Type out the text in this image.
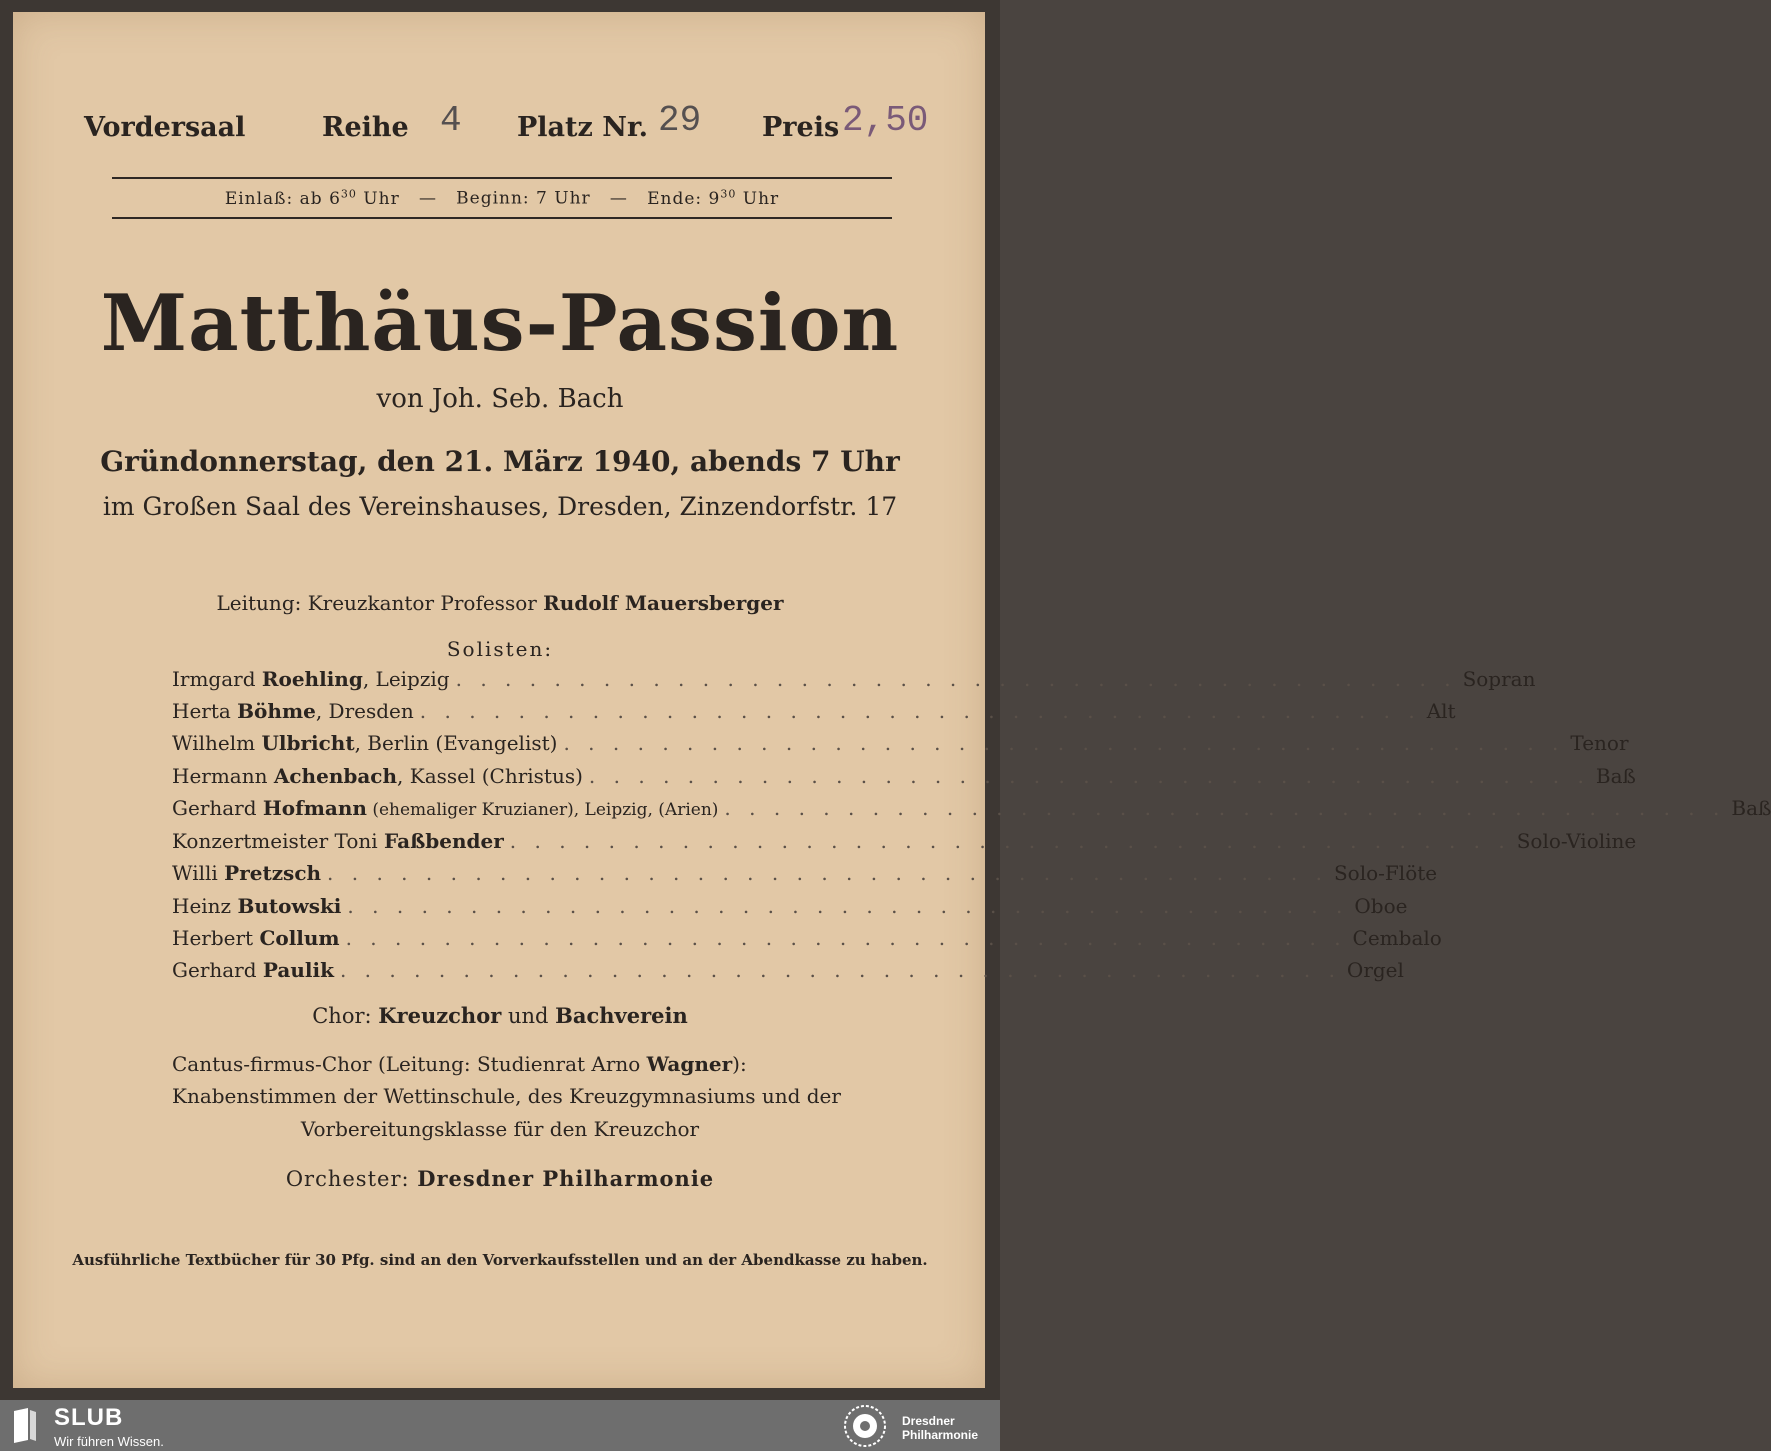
Vordersaal	Reihe 4 Platz Nr. 29 Preis 2,50
Einlaß: ab $6^{30}$ Uhr — Beginn: 7 Uhr — Ende: $9^{30}$ Uhr
Matthäus-Passion
von Joh. Seb. Bach
Gründonnerstag, den 21. März 1940, abends 7 Uhr
im Großen Saal des Vereinshauses, Dresden, Zinzendorfstr. 17
Leitung: Kreuzkantor Professor Rudolf Mauersberger
Solisten:
Irmgard Roehling, Leipzig . . . . . . . . . . . . . . . . . . . . . . . . . . . . . . . . . . . . . . . . . Sopran
Herta Böhme, Dresden . . . . . . . . . . . . . . . . . . . . . . . . . . . . . . . . . . . . . . . . . Alt
Wilhelm Ulbricht, Berlin (Evangelist) . . . . . . . . . . . . . . . . . . . . . . . . . . . . . . . . . . . . . . . . . Tenor
Hermann Achenbach, Kassel (Christus) . . . . . . . . . . . . . . . . . . . . . . . . . . . . . . . . . . . . . . . . . Baß
Gerhard Hofmann (ehemaliger Kruzianer), Leipzig, (Arien) . . . . . . . . . . . . . . . . . . . . . . . . . . . . . . . . . . . . . . . . . Baß
Konzertmeister Toni Faßbender . . . . . . . . . . . . . . . . . . . . . . . . . . . . . . . . . . . . . . . . . Solo-Violine
Willi Pretzsch . . . . . . . . . . . . . . . . . . . . . . . . . . . . . . . . . . . . . . . . . Solo-Flöte
Heinz Butowski . . . . . . . . . . . . . . . . . . . . . . . . . . . . . . . . . . . . . . . . . Oboe
Herbert Collum . . . . . . . . . . . . . . . . . . . . . . . . . . . . . . . . . . . . . . . . . Cembalo
Gerhard Paulik . . . . . . . . . . . . . . . . . . . . . . . . . . . . . . . . . . . . . . . . . Orgel
Chor: Kreuzchor und Bachverein
Cantus-firmus-Chor (Leitung: Studienrat Arno Wagner):
Knabenstimmen der Wettinschule, des Kreuzgymnasiums und der
Vorbereitungsklasse für den Kreuzchor
Orchester: Dresdner Philharmonie
Ausführliche Textbücher für 30 Pfg. sind an den Vorverkaufsstellen und an der Abendkasse zu haben.
SLUB
Wir führen Wissen.
Dresdner
Philharmonie
